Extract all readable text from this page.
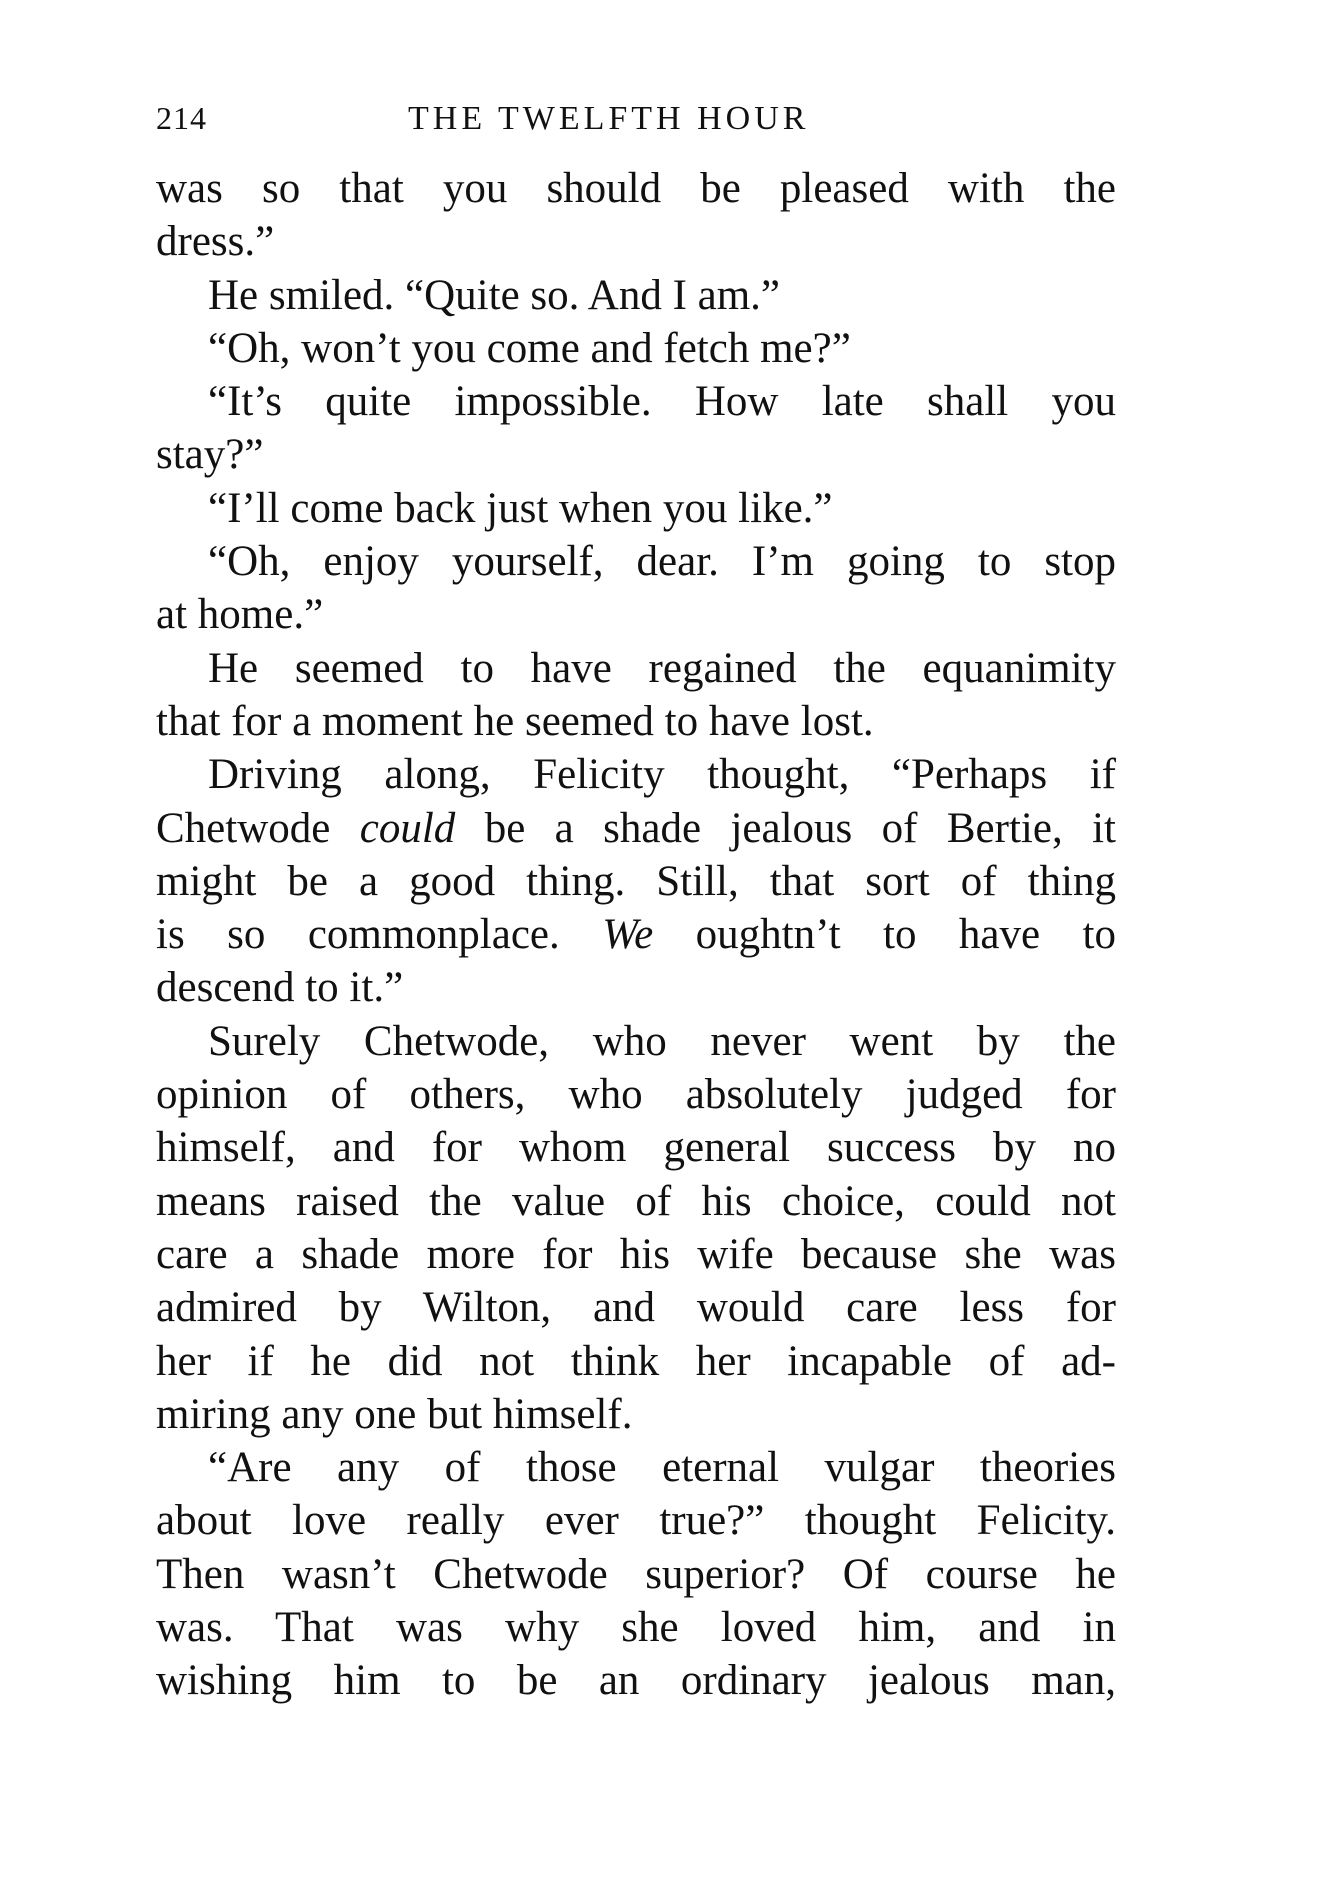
214	THE TWELFTH HOUR
was so that you should be pleased with the
dress.”
He smiled. “Quite so. And I am.”
“Oh, won’t you come and fetch me?”
“It’s quite impossible. How late shall you
stay?”
“I’ll come back just when you like.”
“Oh, enjoy yourself, dear. I’m going to stop
at home.”
He seemed to have regained the equanimity
that for a moment he seemed to have lost.
Driving along, Felicity thought, “Perhaps if
Chetwode could be a shade jealous of Bertie, it
might be a good thing. Still, that sort of thing
is so commonplace. We oughtn’t to have to
descend to it.”
Surely Chetwode, who never went by the
opinion of others, who absolutely judged for
himself, and for whom general success by no
means raised the value of his choice, could not
care a shade more for his wife because she was
admired by Wilton, and would care less for
her if he did not think her incapable of ad-
miring any one but himself.
“Are any of those eternal vulgar theories
about love really ever true?” thought Felicity.
Then wasn’t Chetwode superior? Of course he
was. That was why she loved him, and in
wishing him to be an ordinary jealous man,
